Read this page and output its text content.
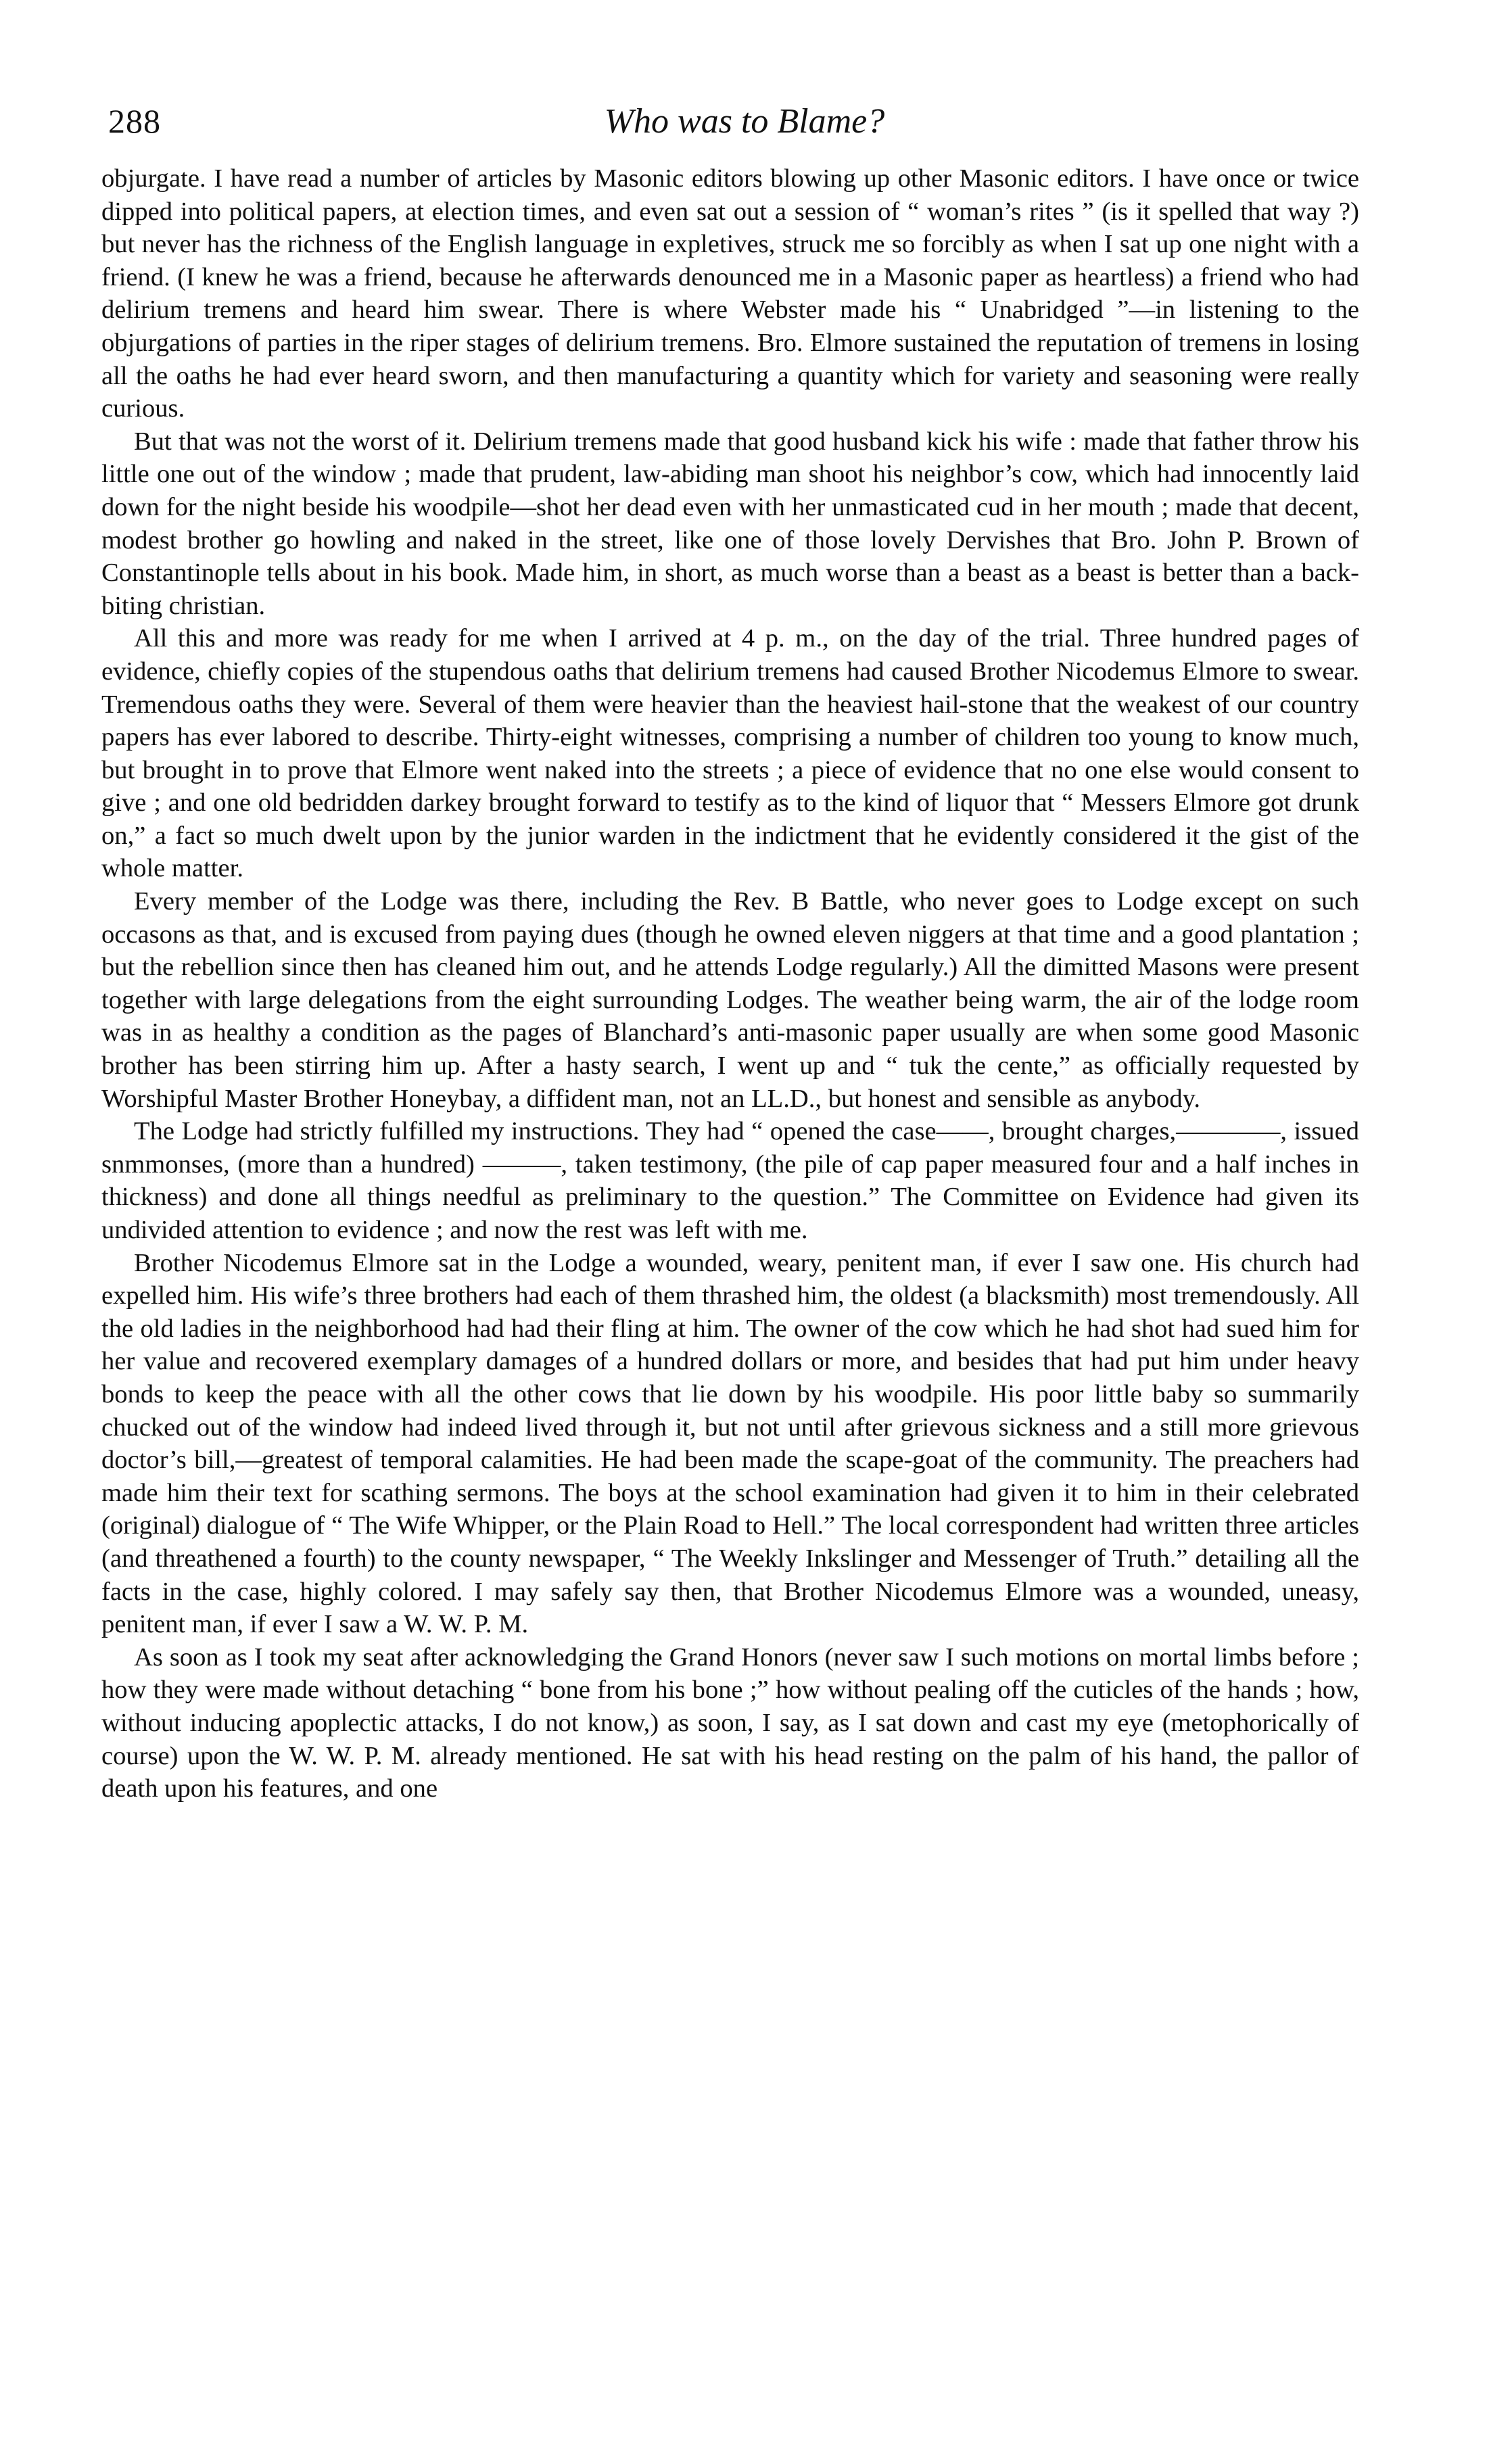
288	Who was to Blame?

objurgate. I have read a number of articles by Masonic editors blowing up other Masonic editors. I have once or twice dipped into political papers, at election times, and even sat out a session of “ woman’s rites ” (is it spelled that way ?) but never has the richness of the English language in expletives, struck me so forcibly as when I sat up one night with a friend. (I knew he was a friend, because he afterwards denounced me in a Masonic paper as heartless) a friend who had delirium tremens and heard him swear. There is where Webster made his “ Unabridged ”—in listening to the objurgations of parties in the riper stages of delirium tremens. Bro. Elmore sustained the reputation of tremens in losing all the oaths he had ever heard sworn, and then manufacturing a quantity which for variety and seasoning were really curious.

But that was not the worst of it. Delirium tremens made that good husband kick his wife : made that father throw his little one out of the window ; made that prudent, law-abiding man shoot his neighbor’s cow, which had innocently laid down for the night beside his woodpile—shot her dead even with her unmasticated cud in her mouth ; made that decent, modest brother go howling and naked in the street, like one of those lovely Dervishes that Bro. John P. Brown of Constantinople tells about in his book. Made him, in short, as much worse than a beast as a beast is better than a back-biting christian.

All this and more was ready for me when I arrived at 4 p. m., on the day of the trial. Three hundred pages of evidence, chiefly copies of the stupendous oaths that delirium tremens had caused Brother Nicodemus Elmore to swear. Tremendous oaths they were. Several of them were heavier than the heaviest hail-stone that the weakest of our country papers has ever labored to describe. Thirty-eight witnesses, comprising a number of children too young to know much, but brought in to prove that Elmore went naked into the streets ; a piece of evidence that no one else would consent to give ; and one old bedridden darkey brought forward to testify as to the kind of liquor that “ Messers Elmore got drunk on,” a fact so much dwelt upon by the junior warden in the indictment that he evidently considered it the gist of the whole matter.

Every member of the Lodge was there, including the Rev. B Battle, who never goes to Lodge except on such occasons as that, and is excused from paying dues (though he owned eleven niggers at that time and a good plantation ; but the rebellion since then has cleaned him out, and he attends Lodge regularly.) All the dimitted Masons were present together with large delegations from the eight surrounding Lodges. The weather being warm, the air of the lodge room was in as healthy a condition as the pages of Blanchard’s anti-masonic paper usually are when some good Masonic brother has been stirring him up. After a hasty search, I went up and “ tuk the cente,” as officially requested by Worshipful Master Brother Honeybay, a diffident man, not an LL.D., but honest and sensible as anybody.

The Lodge had strictly fulfilled my instructions. They had “ opened the case——, brought charges,————, issued snmmonses, (more than a hundred) ———, taken testimony, (the pile of cap paper measured four and a half inches in thickness) and done all things needful as preliminary to the question.” The Committee on Evidence had given its undivided attention to evidence ; and now the rest was left with me.

Brother Nicodemus Elmore sat in the Lodge a wounded, weary, penitent man, if ever I saw one. His church had expelled him. His wife’s three brothers had each of them thrashed him, the oldest (a blacksmith) most tremendously. All the old ladies in the neighborhood had had their fling at him. The owner of the cow which he had shot had sued him for her value and recovered exemplary damages of a hundred dollars or more, and besides that had put him under heavy bonds to keep the peace with all the other cows that lie down by his woodpile. His poor little baby so summarily chucked out of the window had indeed lived through it, but not until after grievous sickness and a still more grievous doctor’s bill,—greatest of temporal calamities. He had been made the scape-goat of the community. The preachers had made him their text for scathing sermons. The boys at the school examination had given it to him in their celebrated (original) dialogue of “ The Wife Whipper, or the Plain Road to Hell.” The local correspondent had written three articles (and threathened a fourth) to the county newspaper, “ The Weekly Inkslinger and Messenger of Truth.” detailing all the facts in the case, highly colored. I may safely say then, that Brother Nicodemus Elmore was a wounded, uneasy, penitent man, if ever I saw a W. W. P. M.

As soon as I took my seat after acknowledging the Grand Honors (never saw I such motions on mortal limbs before ; how they were made without detaching “ bone from his bone ;” how without pealing off the cuticles of the hands ; how, without inducing apoplectic attacks, I do not know,) as soon, I say, as I sat down and cast my eye (metophorically of course) upon the W. W. P. M. already mentioned. He sat with his head resting on the palm of his hand, the pallor of death upon his features, and one
